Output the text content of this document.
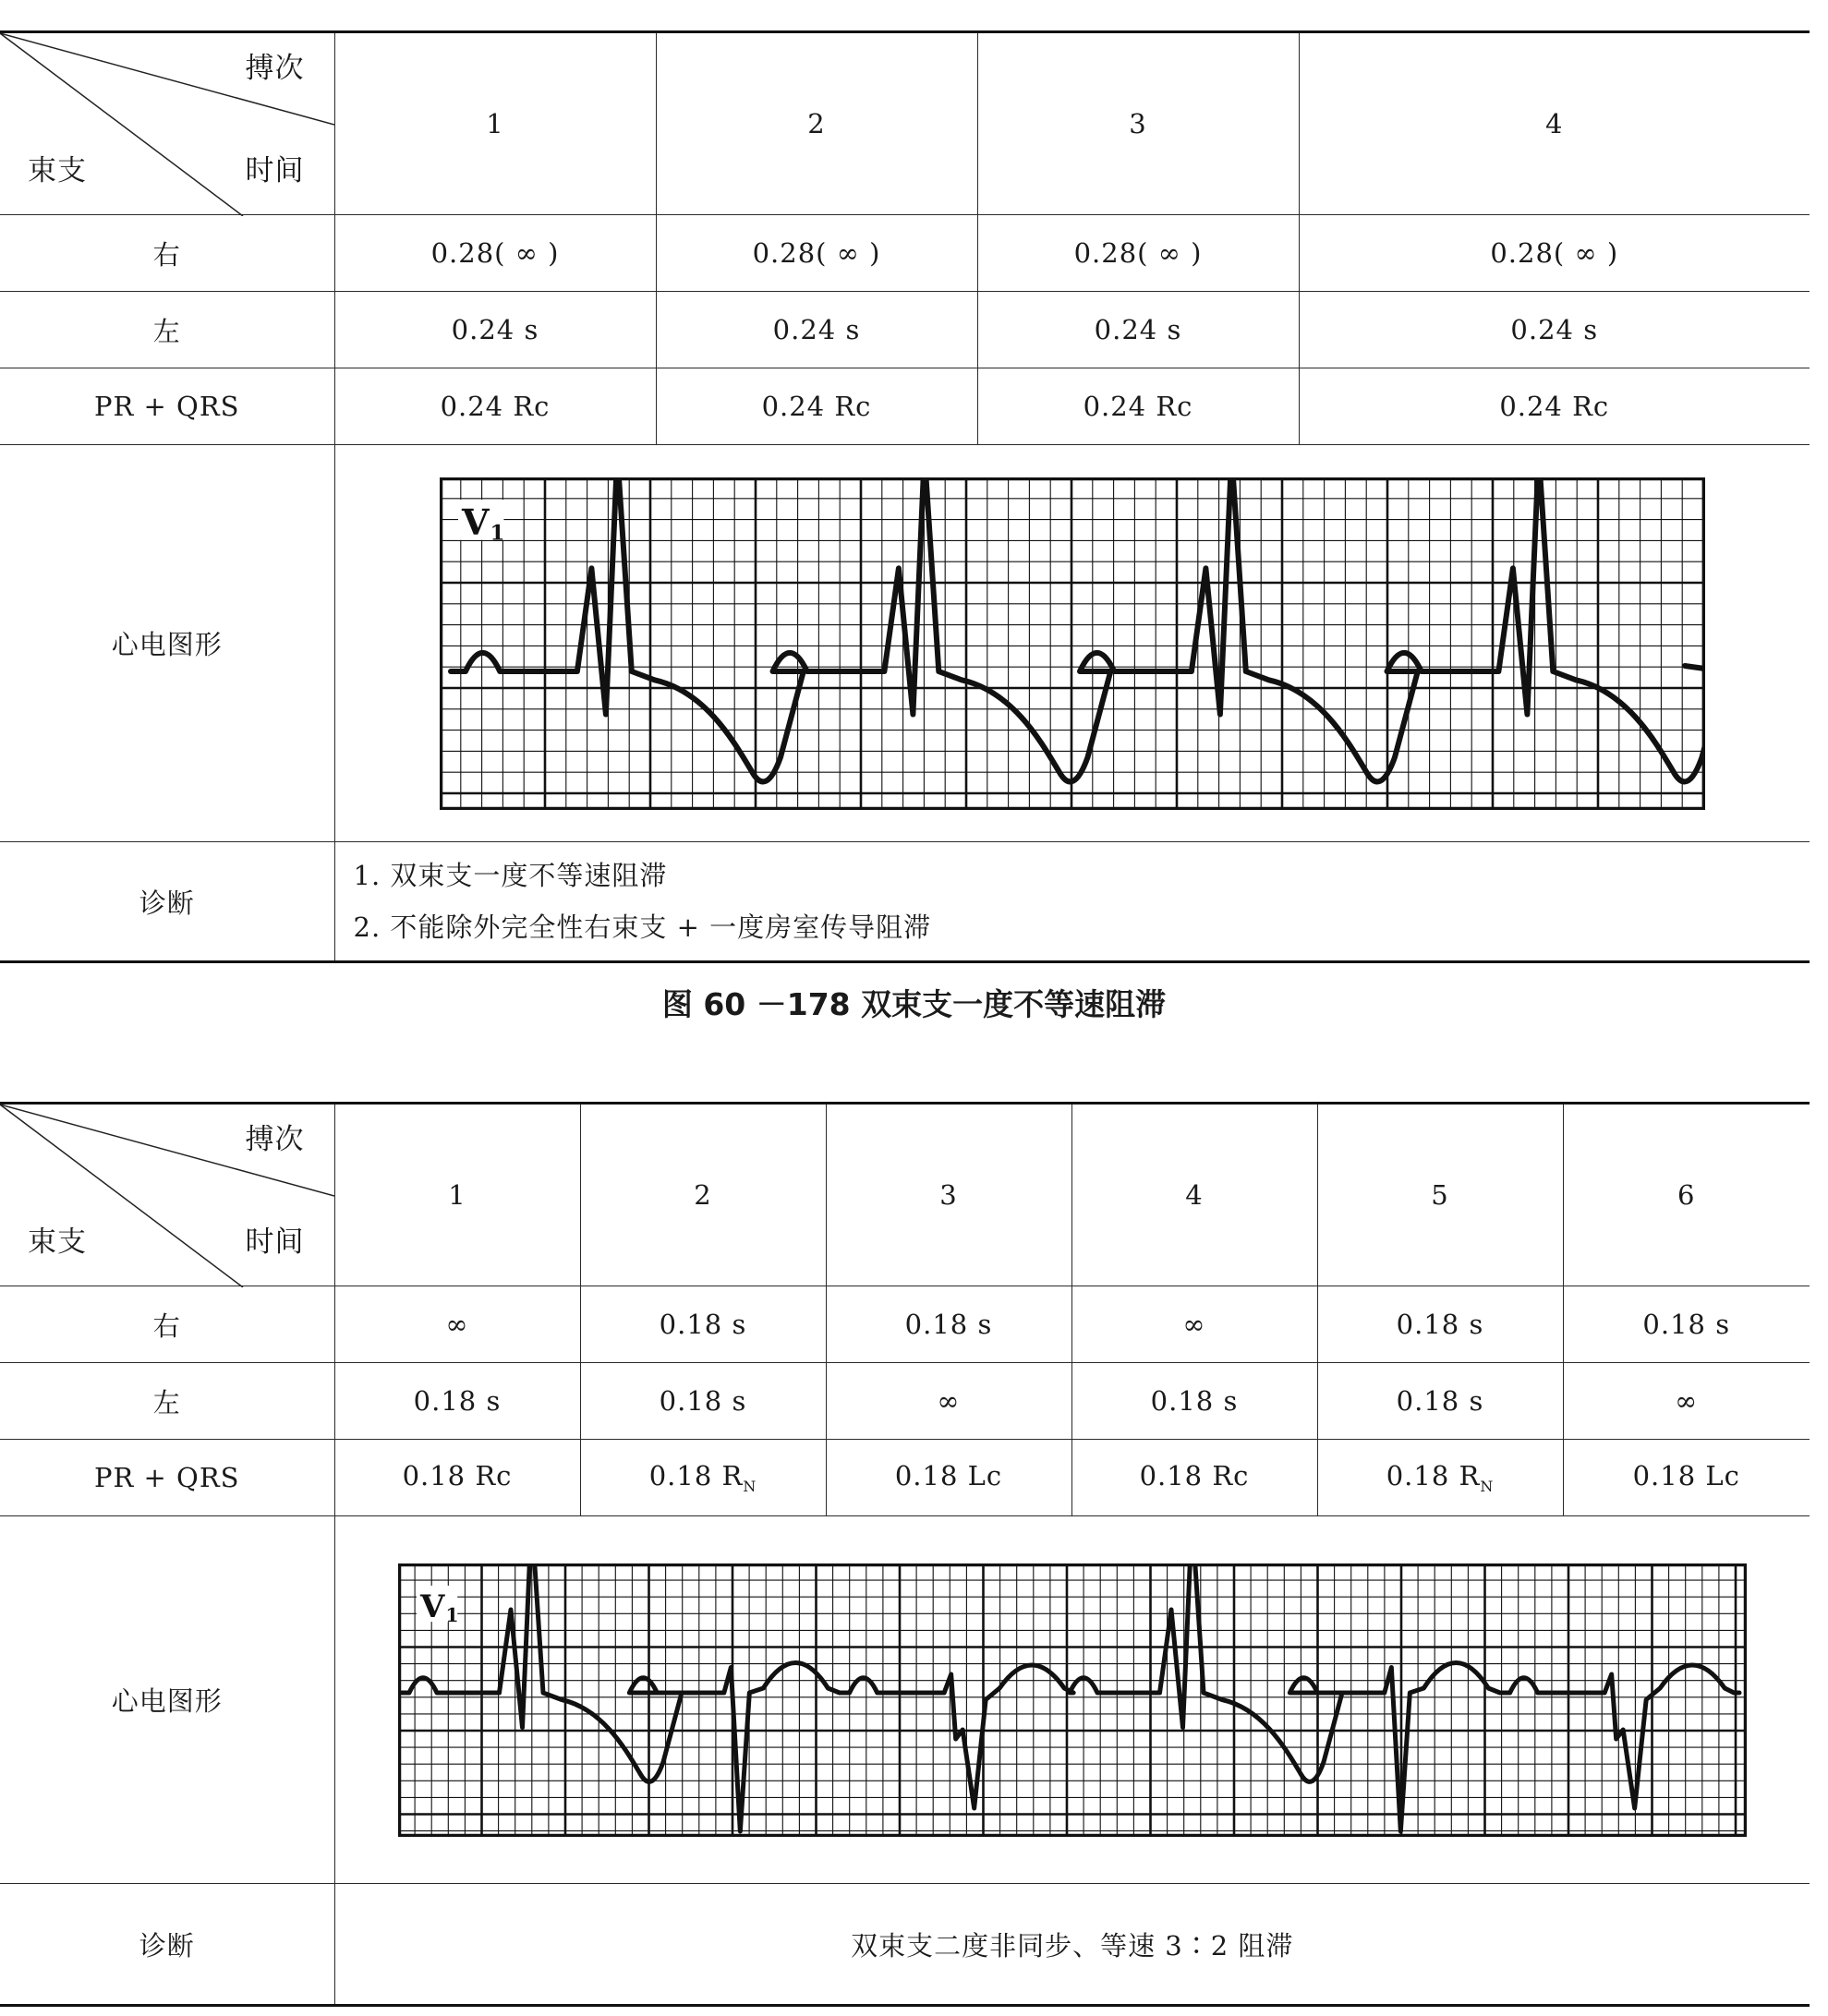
搏次
时间
束支	1	2	3	4
右	0.28( ∞ )	0.28( ∞ )	0.28( ∞ )	0.28( ∞ )
左	0.24 s	0.24 s	0.24 s	0.24 s
PR + QRS	0.24 Rc	0.24 Rc	0.24 Rc	0.24 Rc
心电图形	V1			

诊断	1. 双束支一度不等速阻滞
2. 不能除外完全性右束支 + 一度房室传导阻滞			
图 60 －178 双束支一度不等速阻滞
搏次
时间
束支	1	2	3	4	5	6
右	∞	0.18 s	0.18 s	∞	0.18 s	0.18 s
左	0.18 s	0.18 s	∞	0.18 s	0.18 s	∞
PR + QRS	0.18 Rc	0.18 $R_N$	0.18 Lc	0.18 Rc	0.18 $R_N$	0.18 Lc
心电图形	V1					

诊断	双束支二度非同步、等速 3∶2 阻滞					
